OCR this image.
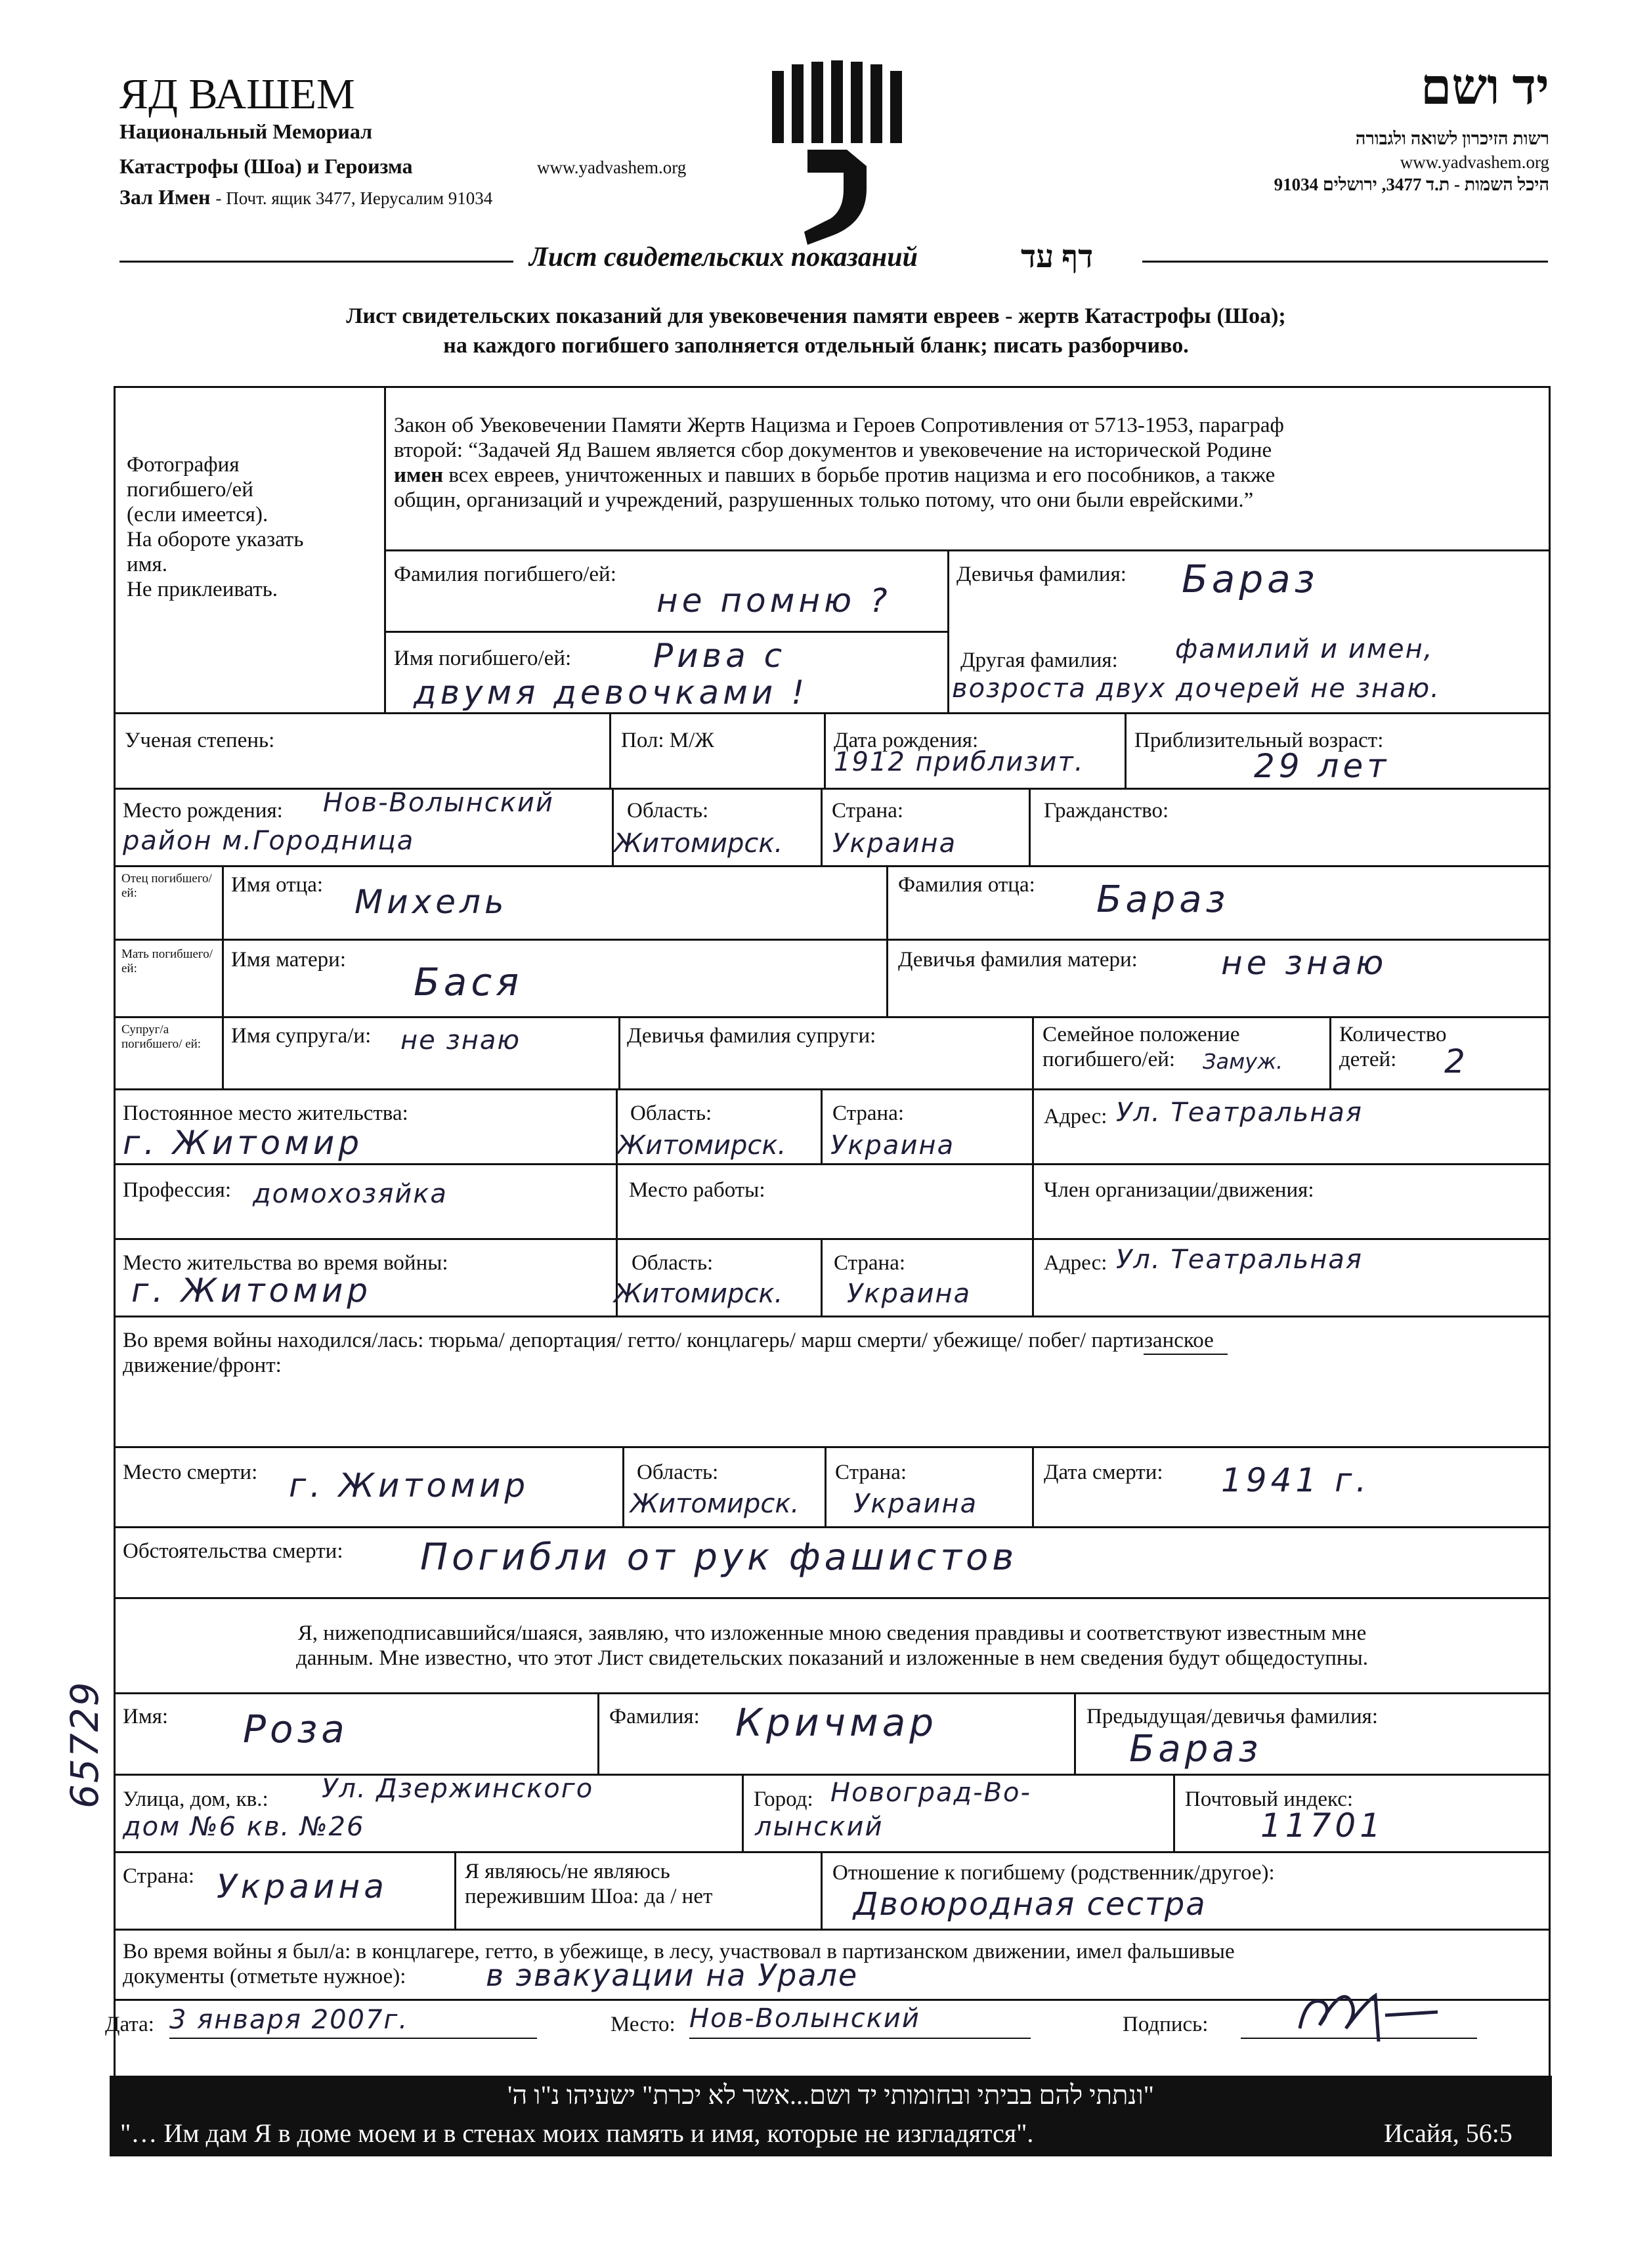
ЯД ВАШЕМ
Национальный Мемориал
Катастрофы (Шоа) и Героизма	www.yadvashem.org
Зал Имен - Почт. ящик 3477, Иерусалим 91034
יד ושם
רשות הזיכרון לשואה ולגבורה
www.yadvashem.org
היכל השמות - ת.ד 3477, ירושלים 91034
Лист свидетельских показаний	דף עד
Лист свидетельских показаний для увековечения памяти евреев - жертв Катастрофы (Шоа);
на каждого погибшего заполняется отдельный бланк; писать разборчиво.
Фотография
погибшего/ей
(если имеется).
На обороте указать
имя.
Не приклеивать.
Закон об Увековечении Памяти Жертв Нацизма и Героев Сопротивления от 5713-1953, параграф
второй: “Задачей Яд Вашем является сбор документов и увековечение на исторической Родине
имен всех евреев, уничтоженных и павших в борьбе против нацизма и его пособников, а также
общин, организаций и учреждений, разрушенных только потому, что они были еврейскими.”
Фамилия погибшего/ей:
не помню ?
Девичья фамилия: Бараз
Имя погибшего/ей: Рива с
двумя девочками !
Другая фамилия: фамилий и имен,
возроста двух дочерей не знаю.
Ученая степень:	Пол: М/Ж	Дата рождения:
1912 приблизит.
Приблизительный возраст:
29 лет
Место рождения: Нов-Волынский
район м.Городница
Область:
Житомирск.
Страна:
Украина
Гражданство:
Отец погибшего/ ей:	Имя отца: Михель	Фамилия отца: Бараз
Мать погибшего/ ей:	Имя матери: Бася	Девичья фамилия матери:	не знаю
Супруг/а погибшего/ ей:	Имя супруга/и: не знаю	Девичья фамилия супруги:	Семейное положение
погибшего/ей:	Замуж.
Количество
детей:	2
Постоянное место жительства:
г. Житомир
Область:
Житомирск.
Страна:
Украина
Адрес: Ул. Театральная
Профессия: домохозяйка	Место работы:	Член организации/движения:
Место жительства во время войны:
г. Житомир
Область:
Житомирск.
Страна:
Украина
Адрес: Ул. Театральная
Во время войны находился/лась: тюрьма/ депортация/ гетто/ концлагерь/ марш смерти/ убежище/ побег/ партизанское
движение/фронт:
Место смерти: г. Житомир	Область:
Житомирск.
Страна:
Украина
Дата смерти: 1941 г.
Обстоятельства смерти: Погибли от рук фашистов
Я, нижеподписавшийся/шаяся, заявляю, что изложенные мною сведения правдивы и соответствуют известным мне
данным. Мне известно, что этот Лист свидетельских показаний и изложенные в нем сведения будут общедоступны.
Имя: Роза	Фамилия: Кричмар	Предыдущая/девичья фамилия:
Бараз
Улица, дом, кв.: Ул. Дзержинского
дом №6 кв. №26
Город: Новоград-Во-
лынский
Почтовый индекс:
11701
Страна: Украина	Я являюсь/не являюсь
пережившим Шоа: да / нет
Отношение к погибшему (родственник/другое):
Двоюродная сестра
Во время войны я был/а: в концлагере, гетто, в убежище, в лесу, участвовал в партизанском движении, имел фальшивые
документы (отметьте нужное):	в эвакуации на Урале
Дата: 3 января 2007г.	Место: Нов-Волынский	Подпись:
"ונתתי להם בביתי ובחומותי יד ושם...אשר לא יכרת" ישעיהו נ"ו ה'
"… Им дам Я в доме моем и в стенах моих память и имя, которые не изгладятся".	Исайя, 56:5
65729
